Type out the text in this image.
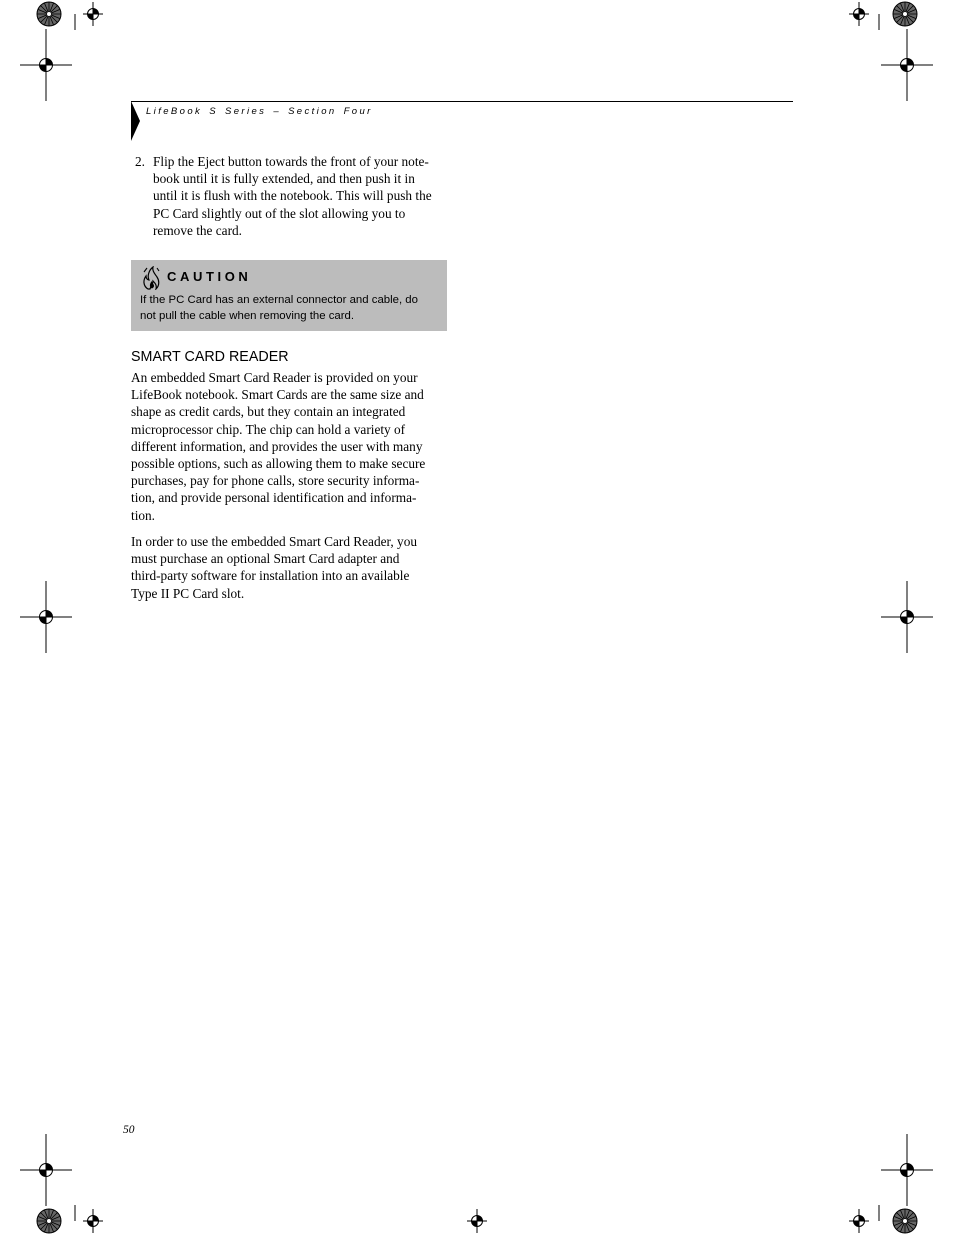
LifeBook S Series – Section Four
2. Flip the Eject button towards the front of your note-
book until it is fully extended, and then push it in
until it is flush with the notebook. This will push the
PC Card slightly out of the slot allowing you to
remove the card.
CAUTION
If the PC Card has an external connector and cable, do
not pull the cable when removing the card.
SMART CARD READER

An embedded Smart Card Reader is provided on your
LifeBook notebook. Smart Cards are the same size and
shape as credit cards, but they contain an integrated
microprocessor chip. The chip can hold a variety of
different information, and provides the user with many
possible options, such as allowing them to make secure
purchases, pay for phone calls, store security informa-
tion, and provide personal identification and informa-
tion.

In order to use the embedded Smart Card Reader, you
must purchase an optional Smart Card adapter and
third-party software for installation into an available
Type II PC Card slot.

50
